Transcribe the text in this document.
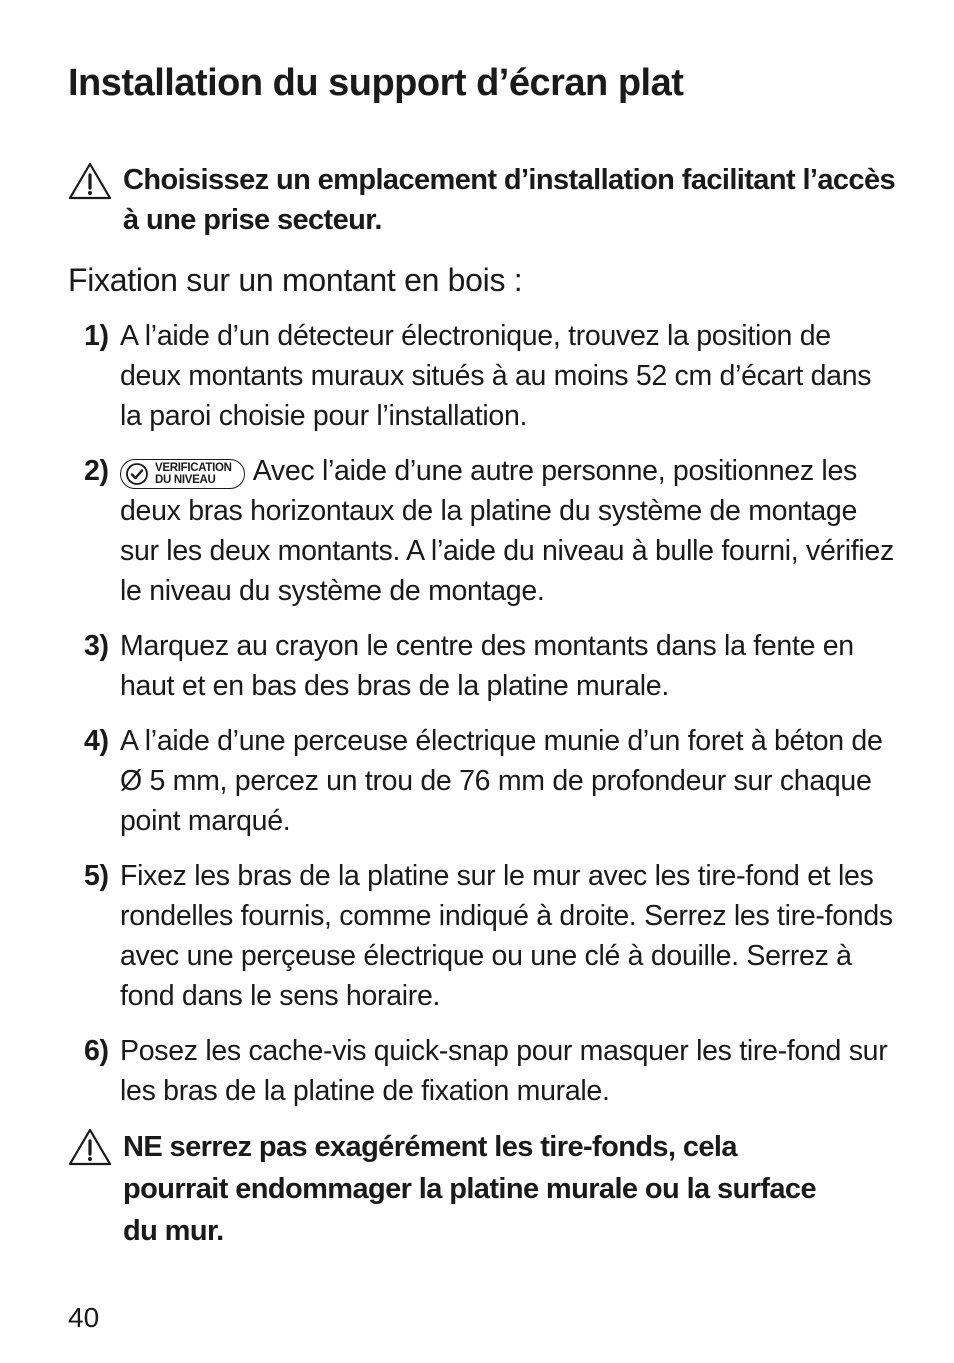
Installation du support d’écran plat
Choisissez un emplacement d’installation facilitant l’accès à une prise secteur.
Fixation sur un montant en bois :
1) A l’aide d’un détecteur électronique, trouvez la position de deux montants muraux situés à au moins 52 cm d’écart dans la paroi choisie pour l’installation.
2)	VERIFICATION
DU NIVEAU	Avec l’aide d’une autre personne, positionnez les deux bras horizontaux de la platine du système de montage sur les deux montants. A l’aide du niveau à bulle fourni, vérifiez le niveau du système de montage.
3) Marquez au crayon le centre des montants dans la fente en haut et en bas des bras de la platine murale.
4) A l’aide d’une perceuse électrique munie d’un foret à béton de Ø 5 mm, percez un trou de 76 mm de profondeur sur chaque point marqué.
5) Fixez les bras de la platine sur le mur avec les tire-fond et les rondelles fournis, comme indiqué à droite. Serrez les tire-fonds avec une perçeuse électrique ou une clé à douille. Serrez à fond dans le sens horaire.
6) Posez les cache-vis quick-snap pour masquer les tire-fond sur les bras de la platine de fixation murale.
NE serrez pas exagérément les tire-fonds, cela pourrait endommager la platine murale ou la surface du mur.
40
